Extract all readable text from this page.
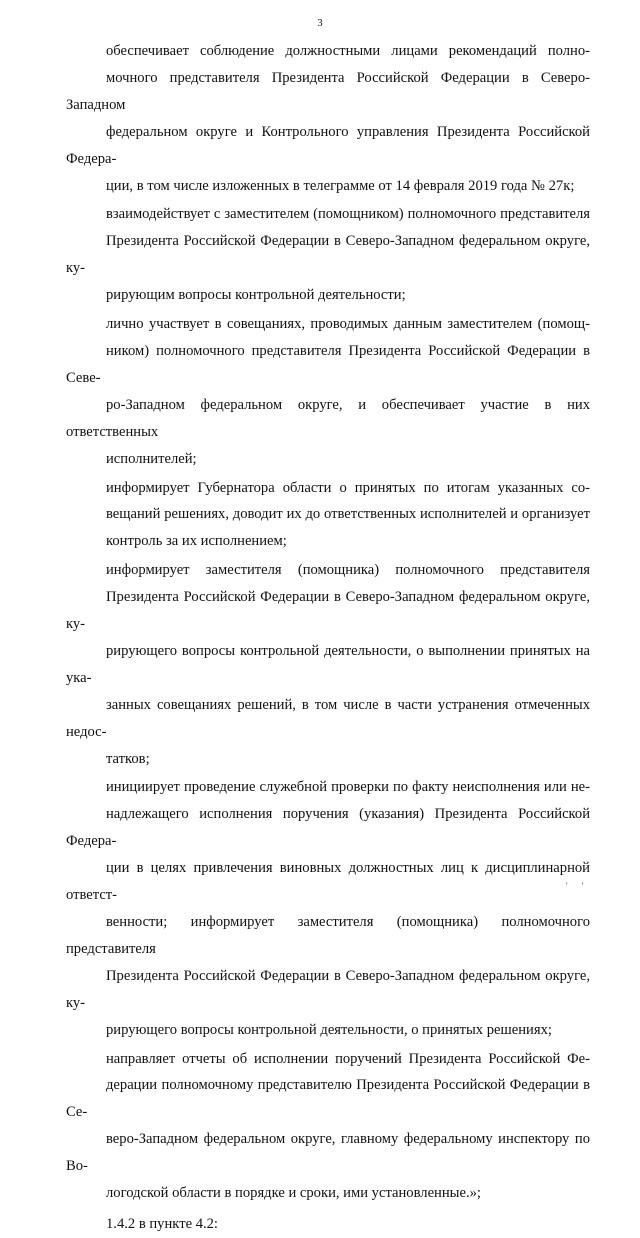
3

обеспечивает соблюдение должностными лицами рекомендаций полно-
мочного представителя Президента Российской Федерации в Северо-Западном
федеральном округе и Контрольного управления Президента Российской Федера-
ции, в том числе изложенных в телеграмме от 14 февраля 2019 года № 27к;

взаимодействует с заместителем (помощником) полномочного представителя
Президента Российской Федерации в Северо-Западном федеральном округе, ку-
рирующим вопросы контрольной деятельности;

лично участвует в совещаниях, проводимых данным заместителем (помощ-
ником) полномочного представителя Президента Российской Федерации в Севе-
ро-Западном федеральном округе, и обеспечивает участие в них ответственных
исполнителей;

информирует Губернатора области о принятых по итогам указанных со-
вещаний решениях, доводит их до ответственных исполнителей и организует
контроль за их исполнением;

информирует заместителя (помощника) полномочного представителя
Президента Российской Федерации в Северо-Западном федеральном округе, ку-
рирующего вопросы контрольной деятельности, о выполнении принятых на ука-
занных совещаниях решений, в том числе в части устранения отмеченных недос-
татков;

инициирует проведение служебной проверки по факту неисполнения или не-
надлежащего исполнения поручения (указания) Президента Российской Федера-
ции в целях привлечения виновных должностных лиц к дисциплинарной ответст-
венности; информирует заместителя (помощника) полномочного представителя
Президента Российской Федерации в Северо-Западном федеральном округе, ку-
рирующего вопросы контрольной деятельности, о принятых решениях;

направляет отчеты об исполнении поручений Президента Российской Фе-
дерации полномочному представителю Президента Российской Федерации в Се-
веро-Западном федеральном округе, главному федеральному инспектору по Во-
логодской области в порядке и сроки, ими установленные.»;

1.4.2 в пункте 4.2:

' '
